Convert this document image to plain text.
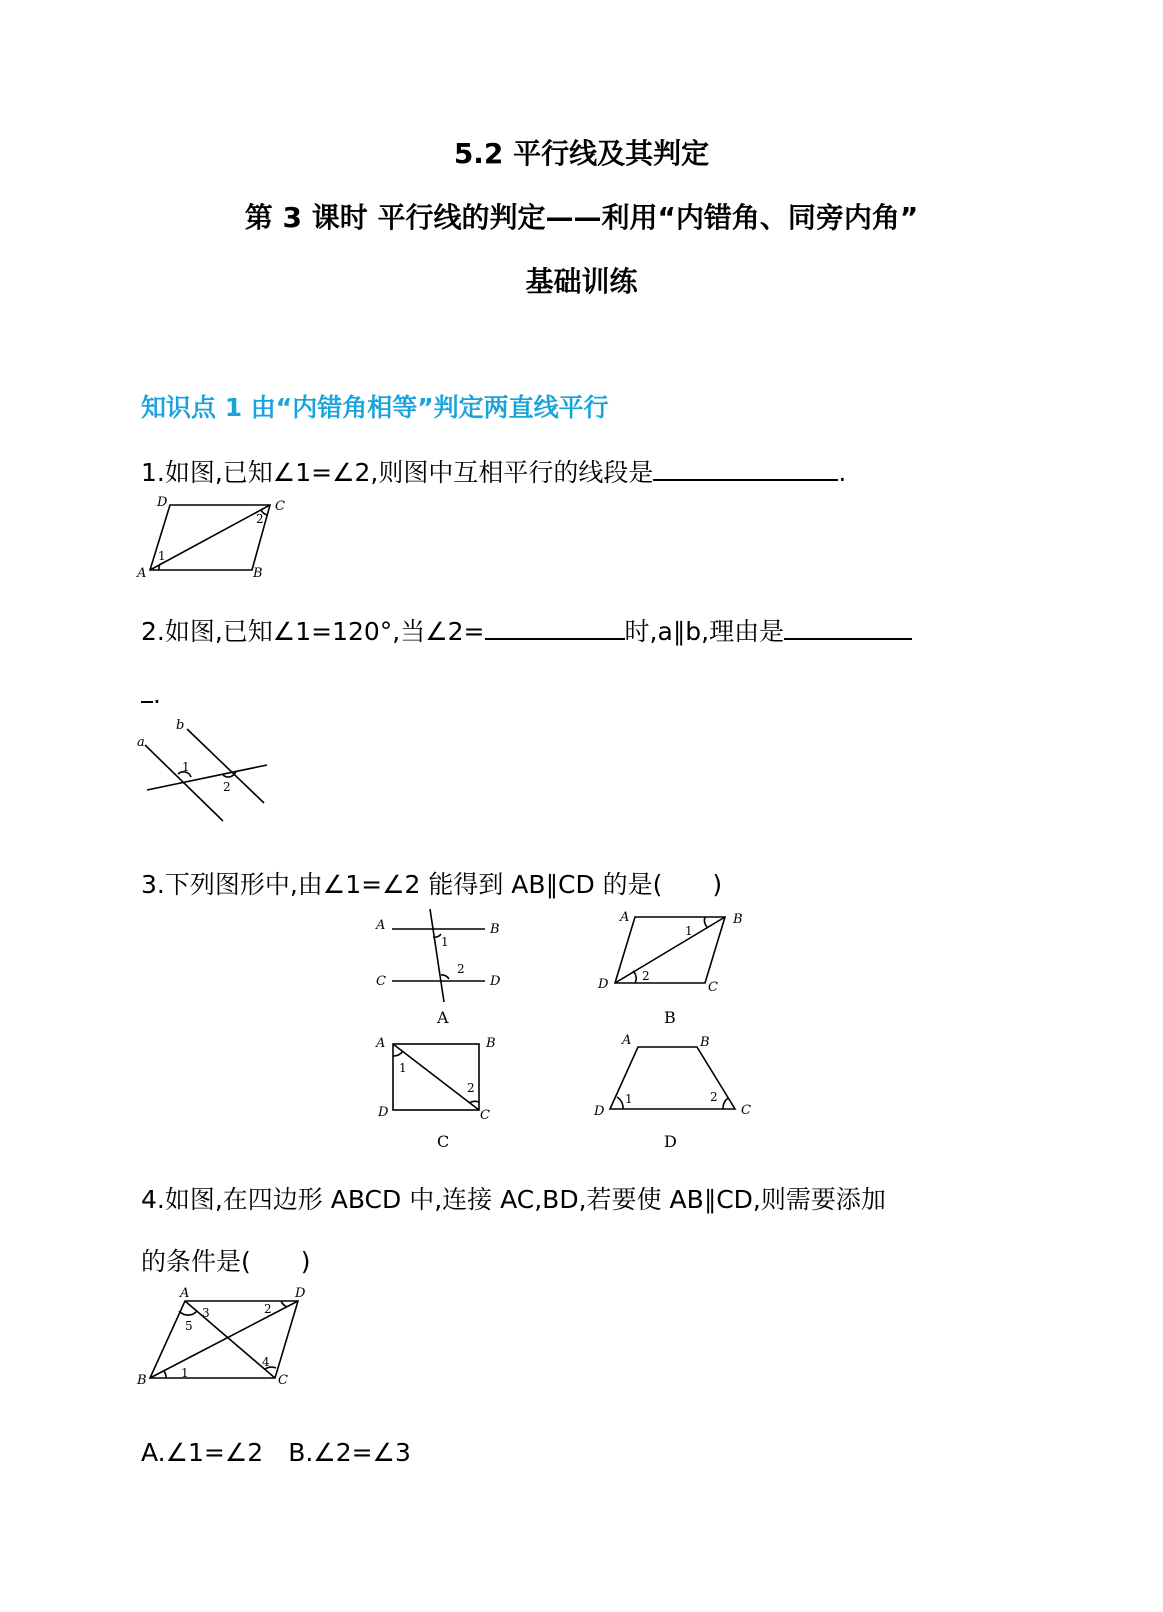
5.2 平行线及其判定
第 3 课时 平行线的判定——利用“内错角、同旁内角”
基础训练
知识点 1 由“内错角相等”判定两直线平行
1.如图,已知∠1=∠2,则图中互相平行的线段是	.
A	B
C
D
1
2
2.如图,已知∠1=120°,当∠2=	时,a∥b,理由是
.
a
b
1
2
3.下列图形中,由∠1=∠2 能得到 AB∥CD 的是(　　)
A	B
C	D
1
2
A
A	B
C
D
1
2
B
A	B
C
D
1
2
C
A	B
C
D
1	2
D
4.如图,在四边形 ABCD 中,连接 AC,BD,若要使 AB∥CD,则需要添加
的条件是(　　)
A
B	C
D
1
2
3
4
5
A.∠1=∠2　B.∠2=∠3
